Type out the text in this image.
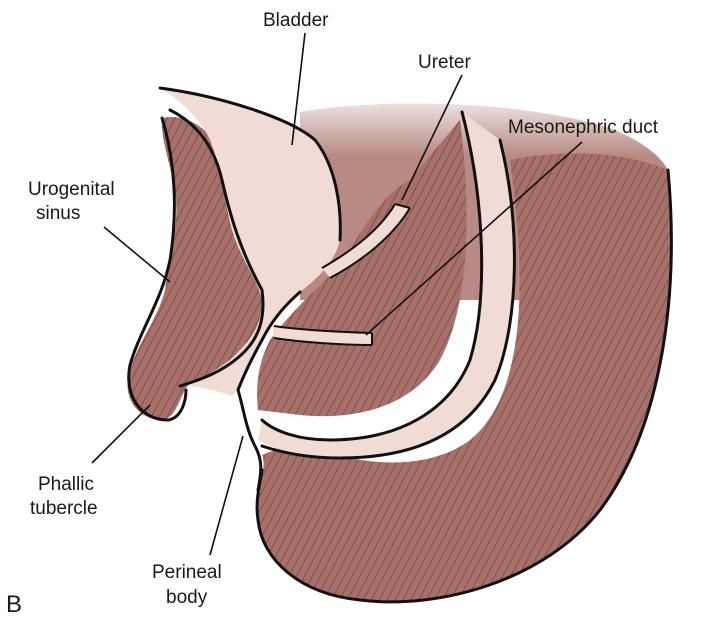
Bladder
Ureter
Mesonephric duct
Urogenital
sinus
Phallic
tubercle
Perineal
body
B
